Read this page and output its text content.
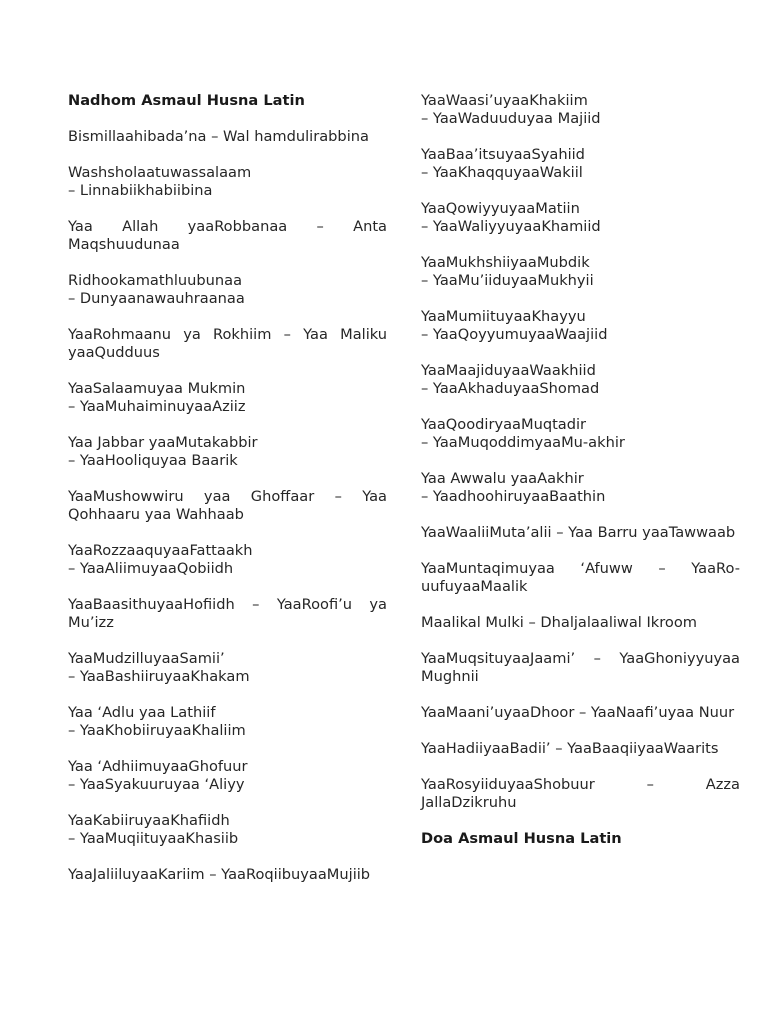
Nadhom Asmaul Husna Latin

Bismillaahibada’na – Wal hamdulirabbina

Washsholaatuwassalaam
– Linnabiikhabiibina

Yaa Allah yaaRobbanaa – Anta Maqshuudunaa

Ridhookamathluubunaa
– Dunyaanawauhraanaa

YaaRohmaanu ya Rokhiim – Yaa Maliku yaaQudduus

YaaSalaamuyaa Mukmin
– YaaMuhaiminuyaaAziiz

Yaa Jabbar yaaMutakabbir
– YaaHooliquyaa Baarik

YaaMushowwiru yaa Ghoffaar – Yaa Qohhaaru yaa Wahhaab

YaaRozzaaquyaaFattaakh
– YaaAliimuyaaQobiidh

YaaBaasithuyaaHofiidh – YaaRoofi’u ya Mu’izz

YaaMudzilluyaaSamii’
– YaaBashiiruyaaKhakam

Yaa ‘Adlu yaa Lathiif
– YaaKhobiiruyaaKhaliim

Yaa ‘AdhiimuyaaGhofuur
– YaaSyakuuruyaa ‘Aliyy

YaaKabiiruyaaKhafiidh
– YaaMuqiituyaaKhasiib

YaaJaliiluyaaKariim – YaaRoqiibuyaaMujiib

YaaWaasi’uyaaKhakiim
– YaaWaduuduyaa Majiid

YaaBaa’itsuyaaSyahiid
– YaaKhaqquyaaWakiil

YaaQowiyyuyaaMatiin
– YaaWaliyyuyaaKhamiid

YaaMukhshiiyaaMubdik
– YaaMu’iiduyaaMukhyii

YaaMumiituyaaKhayyu
– YaaQoyyumuyaaWaajiid

YaaMaajiduyaaWaakhiid
– YaaAkhaduyaaShomad

YaaQoodiryaaMuqtadir
– YaaMuqoddimyaaMu-akhir

Yaa Awwalu yaaAakhir
– YaadhoohiruyaaBaathin

YaaWaaliiMuta’alii – Yaa Barru yaaTawwaab

YaaMuntaqimuyaa ‘Afuww – YaaRo-uufuyaaMaalik

Maalikal Mulki – Dhaljalaaliwal Ikroom

YaaMuqsituyaaJaami’ – YaaGhoniyyuyaa Mughnii

YaaMaani’uyaaDhoor – YaaNaafi’uyaa Nuur

YaaHadiiyaaBadii’ – YaaBaaqiiyaaWaarits

YaaRosyiiduyaaShobuur – Azza JallaDzikruhu

Doa Asmaul Husna Latin
